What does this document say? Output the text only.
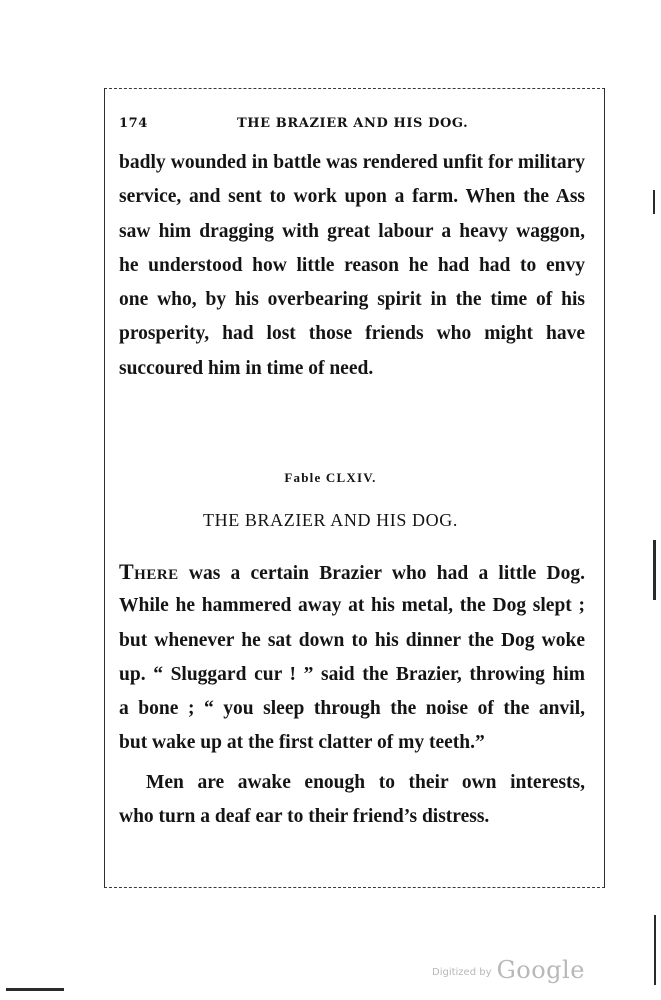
174	THE BRAZIER AND HIS DOG.
badly wounded in battle was rendered unfit for military
service, and sent to work upon a farm. When the Ass
saw him dragging with great labour a heavy waggon,
he understood how little reason he had had to envy
one who, by his overbearing spirit in the time of his
prosperity, had lost those friends who might have
succoured him in time of need.
Fable CLXIV.
THE BRAZIER AND HIS DOG.
There was a certain Brazier who had a little Dog.
While he hammered away at his metal, the Dog slept ;
but whenever he sat down to his dinner the Dog woke
up. “ Sluggard cur ! ” said the Brazier, throwing him
a bone ; “ you sleep through the noise of the anvil,
but wake up at the first clatter of my teeth.”
Men are awake enough to their own interests,
who turn a deaf ear to their friend’s distress.
Digitized by Google
